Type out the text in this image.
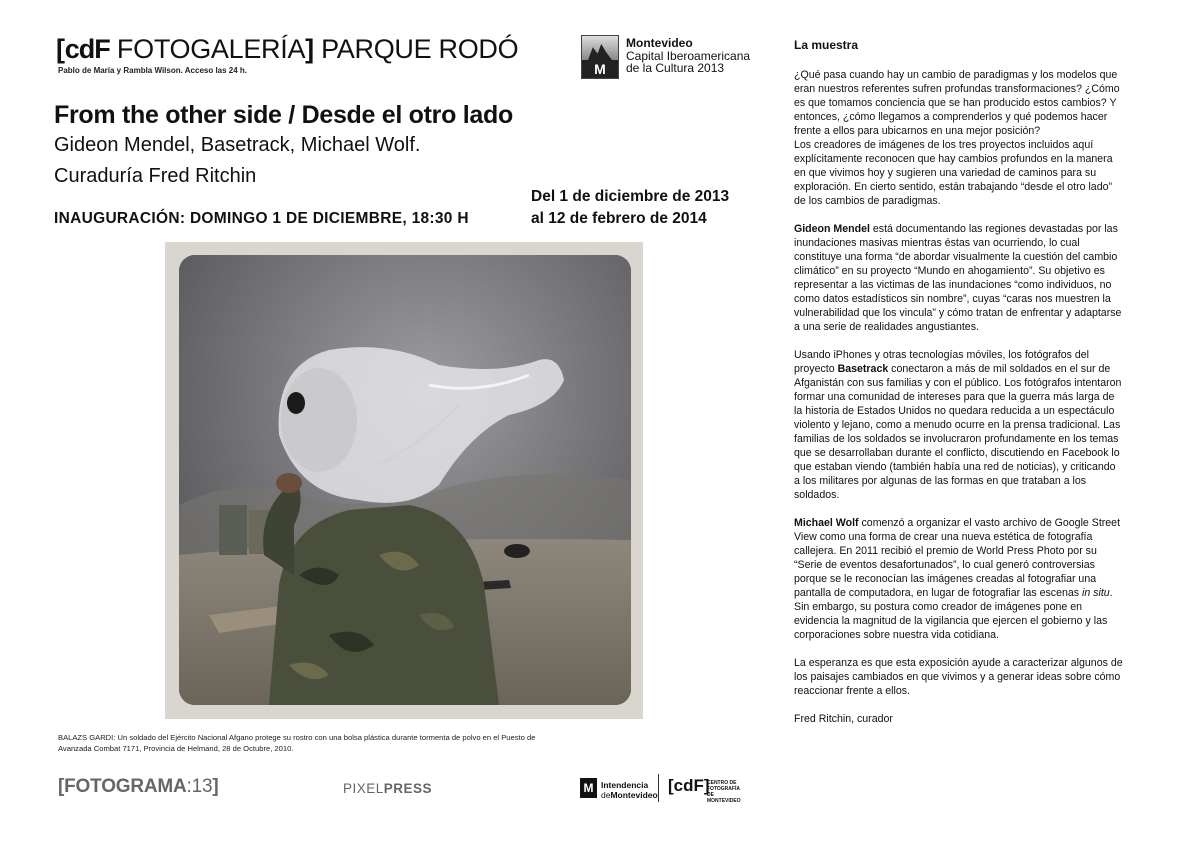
[cdF FOTOGALERÍA] PARQUE RODÓ
Pablo de María y Rambla Wilson. Acceso las 24 h.	M
Montevideo
Capital Iberoamericana
de la Cultura 2013
From the other side / Desde el otro lado
Gideon Mendel, Basetrack, Michael Wolf.
Curaduría Fred Ritchin
INAUGURACIÓN: DOMINGO 1 DE DICIEMBRE, 18:30 H
Del 1 de diciembre de 2013
al 12 de febrero de 2014
BALAZS GARDI: Un soldado del Ejército Nacional Afgano protege su rostro con una bolsa plástica durante tormenta de polvo en el Puesto de Avanzada Combat 7171, Provincia de Helmand, 28 de Octubre, 2010.
[FOTOGRAMA:13]	PIXELPRESS	M Intendencia
deMontevideo [cdF]
CENTRO DE FOTOGRAFÍA DE MONTEVIDEO
La muestra

¿Qué pasa cuando hay un cambio de paradigmas y los modelos que eran nuestros referentes sufren profundas transformaciones? ¿Cómo es que tomamos conciencia que se han producido estos cambios? Y entonces, ¿cómo llegamos a comprenderlos y qué podemos hacer frente a ellos para ubicarnos en una mejor posición?

Los creadores de imágenes de los tres proyectos incluidos aquí explícitamente reconocen que hay cambios profundos en la manera en que vivimos hoy y sugieren una variedad de caminos para su exploración. En cierto sentido, están trabajando “desde el otro lado” de los cambios de paradigmas.

Gideon Mendel está documentando las regiones devastadas por las inundaciones masivas mientras éstas van ocurriendo, lo cual constituye una forma “de abordar visualmente la cuestión del cambio climático” en su proyecto “Mundo en ahogamiento”. Su objetivo es representar a las victimas de las inundaciones “como individuos, no como datos estadísticos sin nombre”, cuyas “caras nos muestren la vulnerabilidad que los vincula” y cómo tratan de enfrentar y adaptarse a una serie de realidades angustiantes.

Usando iPhones y otras tecnologías móviles, los fotógrafos del proyecto Basetrack conectaron a más de mil soldados en el sur de Afganistán con sus familias y con el público. Los fotógrafos intentaron formar una comunidad de intereses para que la guerra más larga de la historia de Estados Unidos no quedara reducida a un espectáculo violento y lejano, como a menudo ocurre en la prensa tradicional. Las familias de los soldados se involucraron profundamente en los temas que se desarrollaban durante el conflicto, discutiendo en Facebook lo que estaban viendo (también había una red de noticias), y criticando a los militares por algunas de las formas en que trataban a los soldados.

Michael Wolf comenzó a organizar el vasto archivo de Google Street View como una forma de crear una nueva estética de fotografía callejera. En 2011 recibió el premio de World Press Photo por su “Serie de eventos desafortunados”, lo cual generó controversias porque se le reconocían las imágenes creadas al fotografiar una pantalla de computadora, en lugar de fotografiar las escenas in situ. Sin embargo, su postura como creador de imágenes pone en evidencia la magnitud de la vigilancia que ejercen el gobierno y las corporaciones sobre nuestra vida cotidiana.

La esperanza es que esta exposición ayude a caracterizar algunos de los paisajes cambiados en que vivimos y a generar ideas sobre cómo reaccionar frente a ellos.

Fred Ritchin, curador
